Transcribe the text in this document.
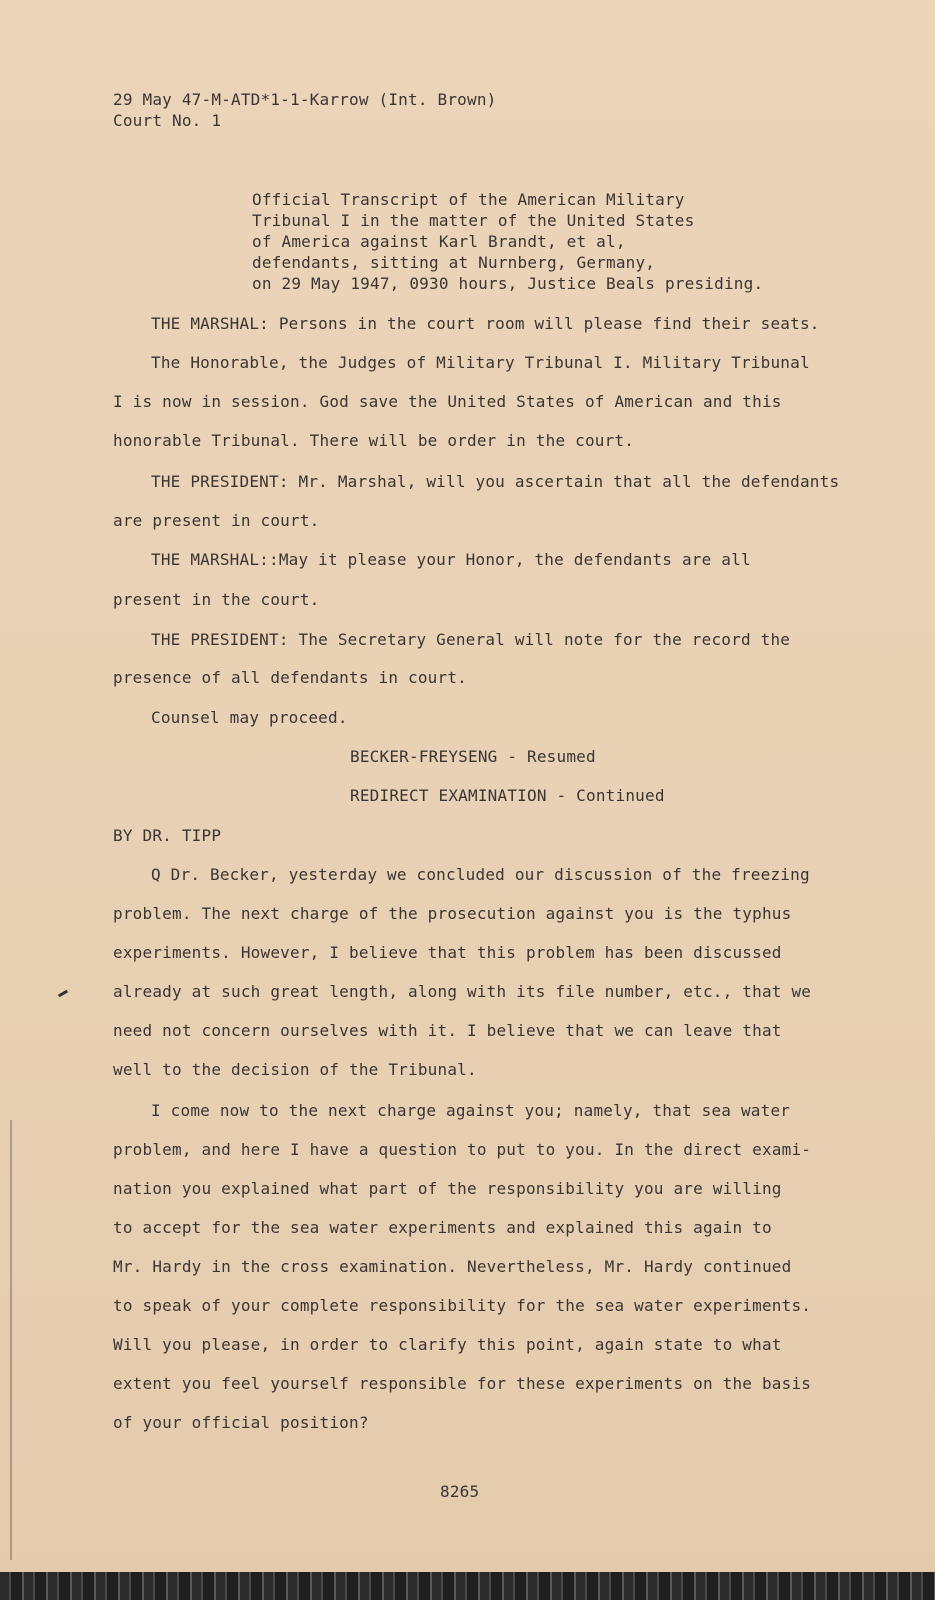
29 May 47-M-ATD*1-1-Karrow (Int. Brown)
Court No. 1
Official Transcript of the American Military
Tribunal I in the matter of the United States
of America against Karl Brandt, et al,
defendants, sitting at Nurnberg, Germany,
on 29 May 1947, 0930 hours, Justice Beals presiding.
THE MARSHAL: Persons in the court room will please find their seats.
The Honorable, the Judges of Military Tribunal I. Military Tribunal
I is now in session. God save the United States of American and this
honorable Tribunal. There will be order in the court.
THE PRESIDENT: Mr. Marshal, will you ascertain that all the defendants
are present in court.
THE MARSHAL::May it please your Honor, the defendants are all
present in the court.
THE PRESIDENT: The Secretary General will note for the record the
presence of all defendants in court.
Counsel may proceed.
BECKER-FREYSENG - Resumed
REDIRECT EXAMINATION - Continued
BY DR. TIPP
Q Dr. Becker, yesterday we concluded our discussion of the freezing
problem. The next charge of the prosecution against you is the typhus
experiments. However, I believe that this problem has been discussed
already at such great length, along with its file number, etc., that we
need not concern ourselves with it. I believe that we can leave that
well to the decision of the Tribunal.
I come now to the next charge against you; namely, that sea water
problem, and here I have a question to put to you. In the direct exami-
nation you explained what part of the responsibility you are willing
to accept for the sea water experiments and explained this again to
Mr. Hardy in the cross examination. Nevertheless, Mr. Hardy continued
to speak of your complete responsibility for the sea water experiments.
Will you please, in order to clarify this point, again state to what
extent you feel yourself responsible for these experiments on the basis
of your official position?
8265
